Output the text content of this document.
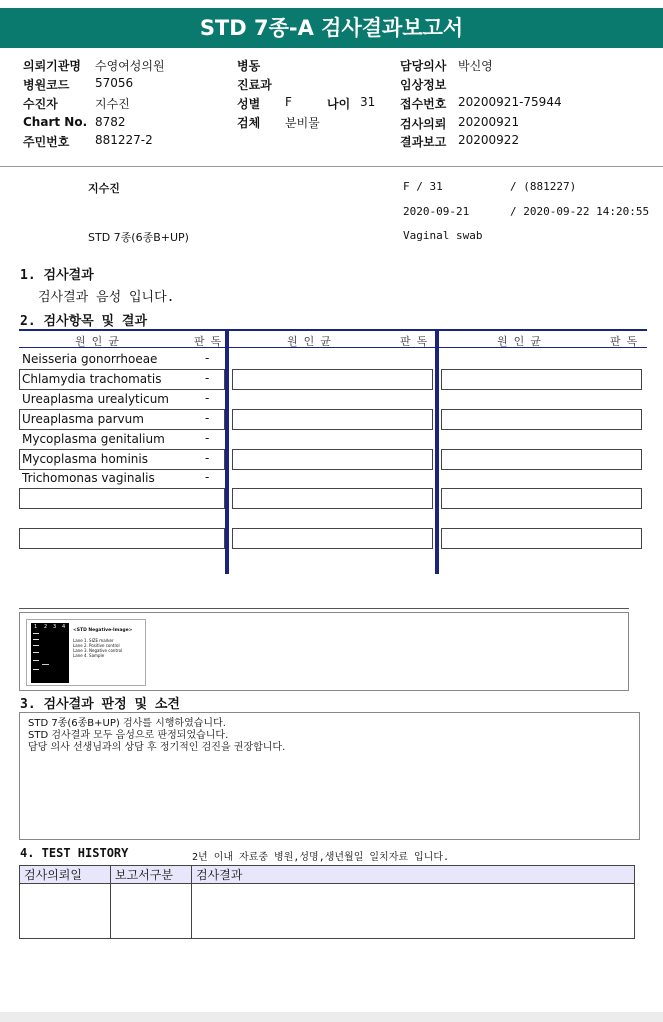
STD 7종-A 검사결과보고서
의뢰기관명 수영여성의원
병원코드 57056
수진자	지수진
Chart No. 8782
주민번호 881227-2
병동
진료과
성별 F	나이 31
검체 분비물
담당의사 박신영
임상정보
접수번호 20200921-75944
검사의뢰 20200921
결과보고 20200922
지수진	F / 31	/ (881227)
2020-09-21	/ 2020-09-22 14:20:55
STD 7종(6종B+UP)	Vaginal swab
1. 검사결과
검사결과 음성 입니다.
2. 검사항목 및 결과
원인균	판독	원인균	판독	원인균	판독
Neisseria gonorrhoeae	-
Chlamydia trachomatis	-
Ureaplasma urealyticum	-
Ureaplasma parvum	-
Mycoplasma genitalium	-
Mycoplasma hominis	-
Trichomonas vaginalis	-
1 2 3 4
<STD Negative-Image>
Lane 1. SIZE marker
Lane 2. Positive control
Lane 3. Negative control
Lane 4. Sample
3. 검사결과 판정 및 소견
STD 7종(6종B+UP) 검사를 시행하였습니다.
STD 검사결과 모두 음성으로 판정되었습니다.
담당 의사 선생님과의 상담 후 정기적인 검진을 권장합니다.
4. TEST HISTORY	2년 이내 자료중 병원,성명,생년월일 일치자료 입니다.
검사의뢰일	보고서구분	검사결과
